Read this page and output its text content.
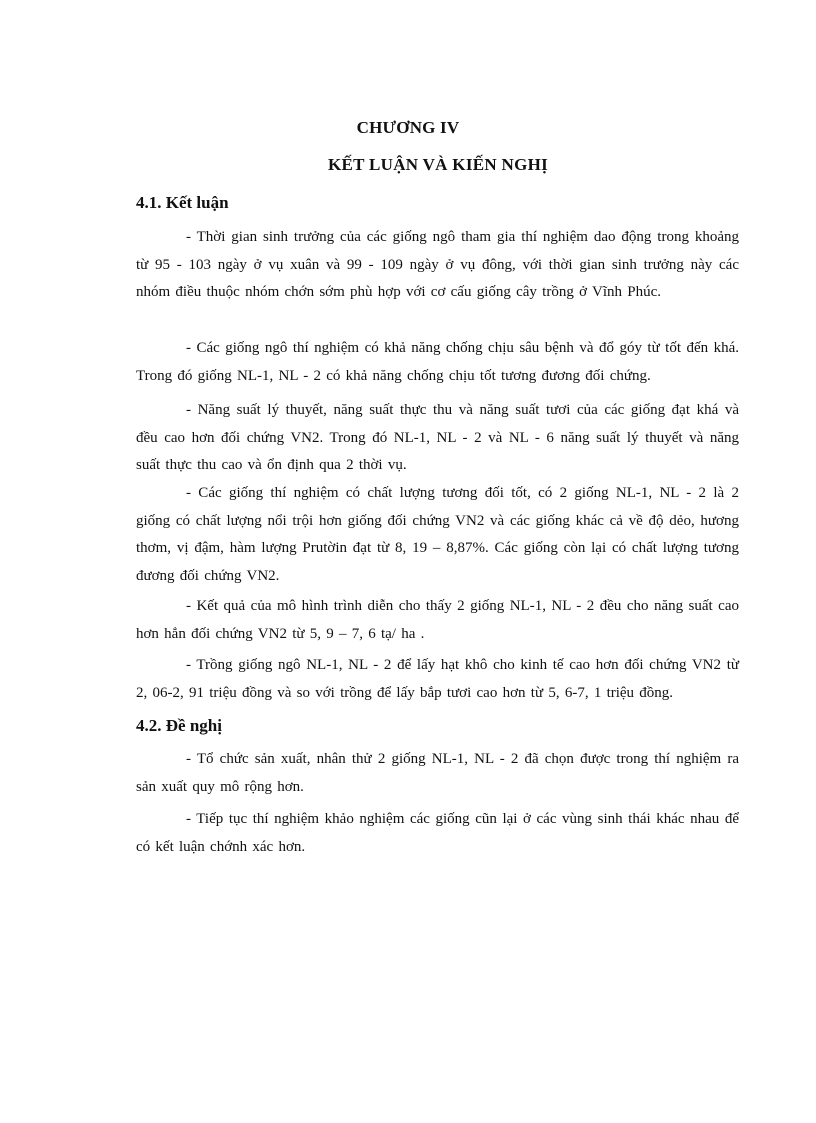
CHƯƠNG IV
KẾT LUẬN VÀ KIẾN NGHỊ
4.1. Kết luận

- Thời gian sinh trưởng của các giống ngô tham gia thí nghiệm dao động trong khoảng từ 95 - 103 ngày ở vụ xuân và 99 - 109 ngày ở vụ đông, với thời gian sinh trưởng này các nhóm điều thuộc nhóm chớn sớm phù hợp với cơ cấu giống cây trồng ở Vĩnh Phúc.

- Các giống ngô thí nghiệm có khả năng chống chịu sâu bệnh và đổ góy từ tốt đến khá. Trong đó giống NL-1, NL - 2 có khả năng chống chịu tốt tương đương đối chứng.

- Năng suất lý thuyết, năng suất thực thu và năng suất tươi của các giống đạt khá và đều cao hơn đối chứng VN2. Trong đó NL-1, NL - 2 và NL - 6 năng suất lý thuyết và năng suất thực thu cao và ổn định qua 2 thời vụ.

- Các giống thí nghiệm có chất lượng tương đối tốt, có 2 giống NL-1, NL - 2 là 2 giống có chất lượng nổi trội hơn giống đối chứng VN2 và các giống khác cả về độ dẻo, hương thơm, vị đậm, hàm lượng Prutờin đạt từ 8, 19 – 8,87%. Các giống còn lại có chất lượng tương đương đối chứng VN2.

- Kết quả của mô hình trình diễn cho thấy 2 giống NL-1, NL - 2 đều cho năng suất cao hơn hẳn đối chứng VN2 từ 5, 9 – 7, 6 tạ/ ha .

- Trồng giống ngô NL-1, NL - 2 để lấy hạt khô cho kinh tế cao hơn đối chứng VN2 từ 2, 06-2, 91 triệu đồng và so với trồng để lấy bắp tươi cao hơn từ 5, 6-7, 1 triệu đồng.

4.2. Đề nghị

- Tổ chức sản xuất, nhân thử 2 giống NL-1, NL - 2 đã chọn được trong thí nghiệm ra sản xuất quy mô rộng hơn.

- Tiếp tục thí nghiệm khảo nghiệm các giống cũn lại ở các vùng sinh thái khác nhau để có kết luận chớnh xác hơn.
